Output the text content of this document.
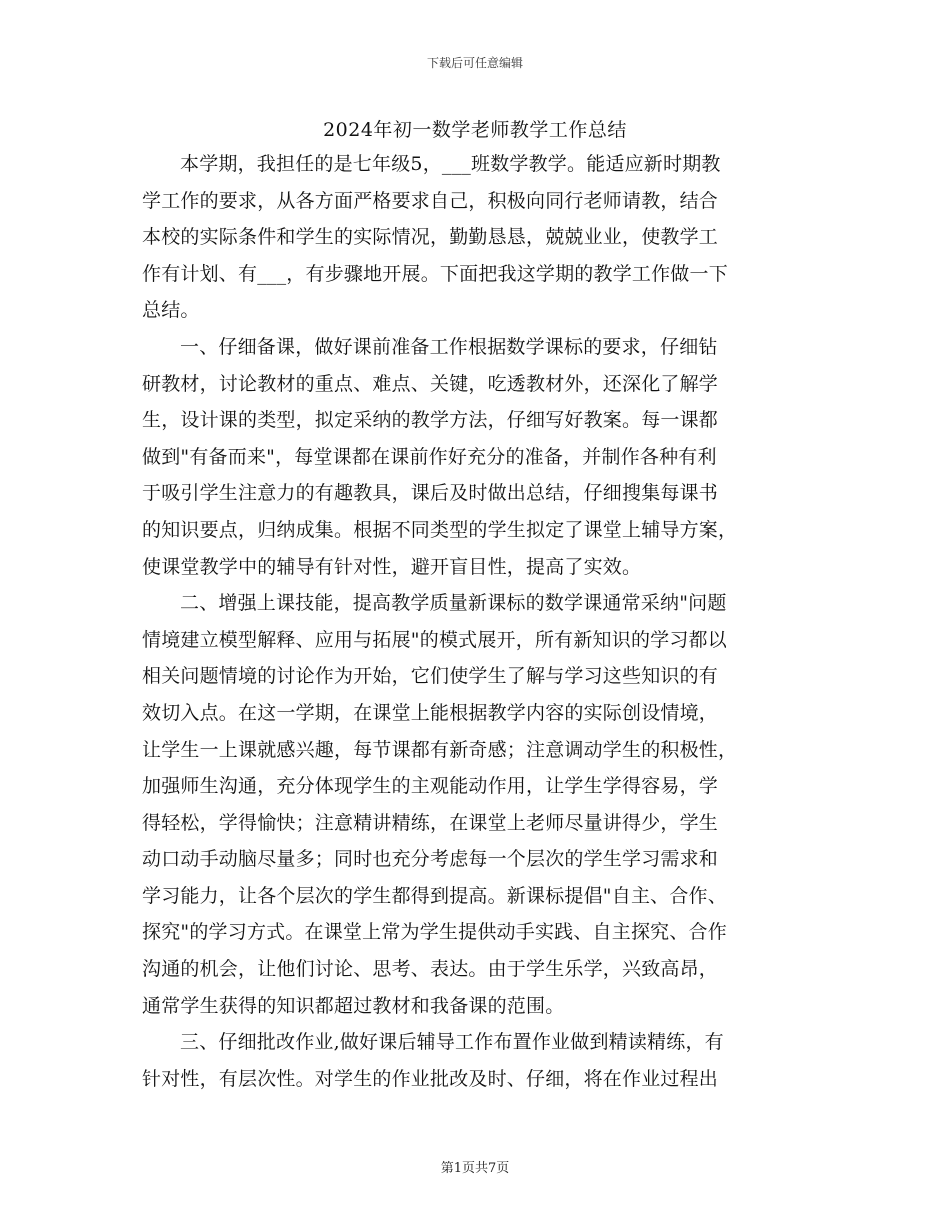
下载后可任意编辑
2024年初一数学老师教学工作总结
本学期，我担任的是七年级5，___班数学教学。能适应新时期教
学工作的要求，从各方面严格要求自己，积极向同行老师请教，结合
本校的实际条件和学生的实际情况，勤勤恳恳，兢兢业业，使教学工
作有计划、有___，有步骤地开展。下面把我这学期的教学工作做一下
总结。
一、仔细备课，做好课前准备工作根据数学课标的要求，仔细钻
研教材，讨论教材的重点、难点、关键，吃透教材外，还深化了解学
生，设计课的类型，拟定采纳的教学方法，仔细写好教案。每一课都
做到"有备而来"，每堂课都在课前作好充分的准备，并制作各种有利
于吸引学生注意力的有趣教具，课后及时做出总结，仔细搜集每课书
的知识要点，归纳成集。根据不同类型的学生拟定了课堂上辅导方案，
使课堂教学中的辅导有针对性，避开盲目性，提高了实效。
二、增强上课技能，提高教学质量新课标的数学课通常采纳"问题
情境建立模型解释、应用与拓展"的模式展开，所有新知识的学习都以
相关问题情境的讨论作为开始，它们使学生了解与学习这些知识的有
效切入点。在这一学期，在课堂上能根据教学内容的实际创设情境，
让学生一上课就感兴趣，每节课都有新奇感；注意调动学生的积极性，
加强师生沟通，充分体现学生的主观能动作用，让学生学得容易，学
得轻松，学得愉快；注意精讲精练，在课堂上老师尽量讲得少，学生
动口动手动脑尽量多；同时也充分考虑每一个层次的学生学习需求和
学习能力，让各个层次的学生都得到提高。新课标提倡"自主、合作、
探究"的学习方式。在课堂上常为学生提供动手实践、自主探究、合作
沟通的机会，让他们讨论、思考、表达。由于学生乐学，兴致高昂，
通常学生获得的知识都超过教材和我备课的范围。
三、仔细批改作业,做好课后辅导工作布置作业做到精读精练，有
针对性，有层次性。对学生的作业批改及时、仔细，将在作业过程出
第1页共7页
